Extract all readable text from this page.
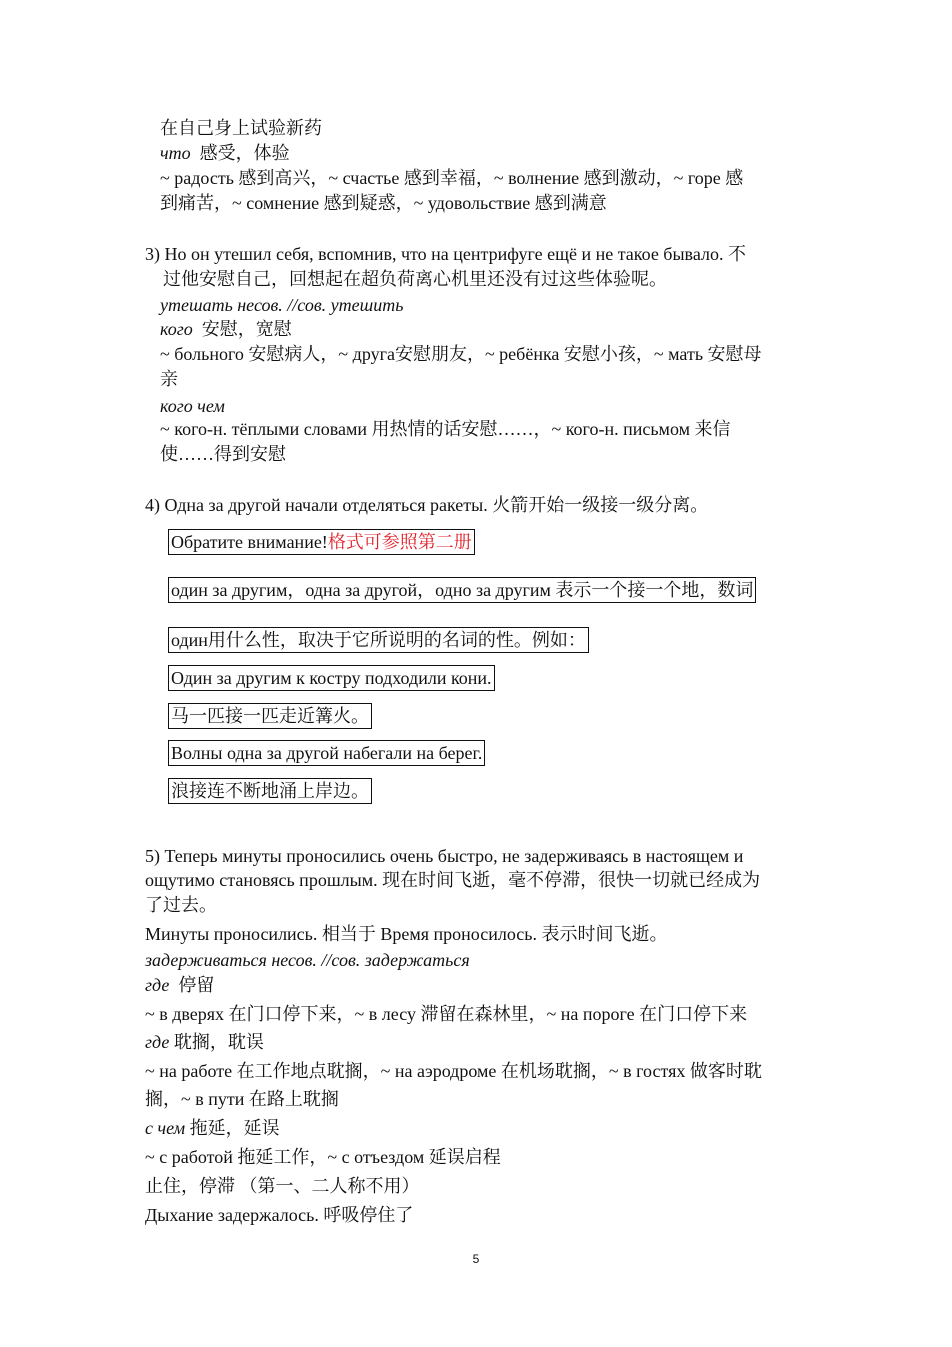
在自己身上试验新药
что 感受，体验
~ радость 感到高兴，~ счастье 感到幸福，~ волнение 感到激动，~ горе 感
到痛苦，~ сомнение 感到疑惑，~ удовольствие 感到满意
3) Но он утешил себя, вспомнив, что на центрифуге ещё и не такое бывало. 不
过他安慰自己，回想起在超负荷离心机里还没有过这些体验呢。
утешать несов. //сов. утешить
кого 安慰，宽慰
~ больного 安慰病人，~ друга安慰朋友，~ ребёнка 安慰小孩，~ мать 安慰母
亲
кого чем
~ кого-н. тёплыми словами 用热情的话安慰……，~ кого-н. письмом 来信
使……得到安慰
4) Одна за другой начали отделяться ракеты. 火箭开始一级接一级分离。
Обратите внимание!格式可参照第二册
один за другим，одна за другой，одно за другим 表示一个接一个地，数词
один用什么性，取决于它所说明的名词的性。例如：
Один за другим к костру подходили кони.
马一匹接一匹走近篝火。
Волны одна за другой набегали на берег.
浪接连不断地涌上岸边。
5) Теперь минуты проносились очень быстро, не задерживаясь в настоящем и
ощутимо становясь прошлым. 现在时间飞逝，毫不停滞，很快一切就已经成为
了过去。
Минуты проносились. 相当于 Время проносилось. 表示时间飞逝。
задерживаться несов. //сов. задержаться
где 停留
~ в дверях 在门口停下来，~ в лесу 滞留在森林里，~ на пороге 在门口停下来
где 耽搁，耽误
~ на работе 在工作地点耽搁，~ на аэродроме 在机场耽搁，~ в гостях 做客时耽
搁，~ в пути 在路上耽搁
с чем 拖延，延误
~ с работой 拖延工作，~ с отъездом 延误启程
止住，停滞 （第一、二人称不用）
Дыхание задержалось. 呼吸停住了
5
